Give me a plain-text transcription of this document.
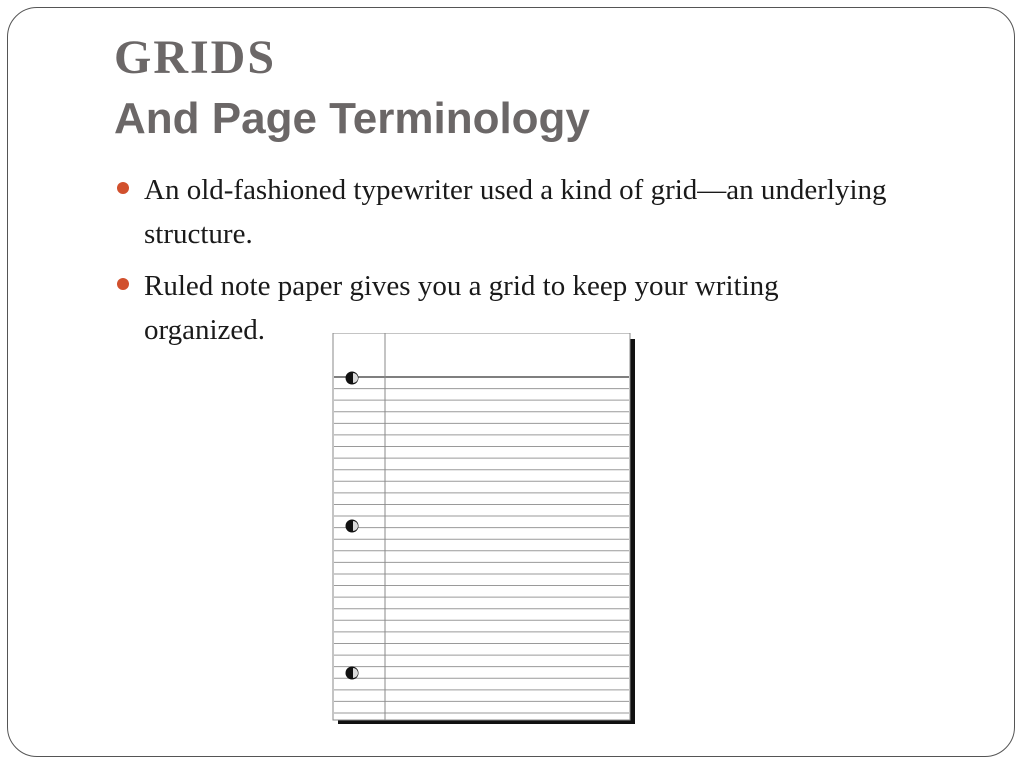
GRIDS
And Page Terminology
An old-fashioned typewriter used a kind of grid—an underlying structure.
Ruled note paper gives you a grid to keep your writing organized.
